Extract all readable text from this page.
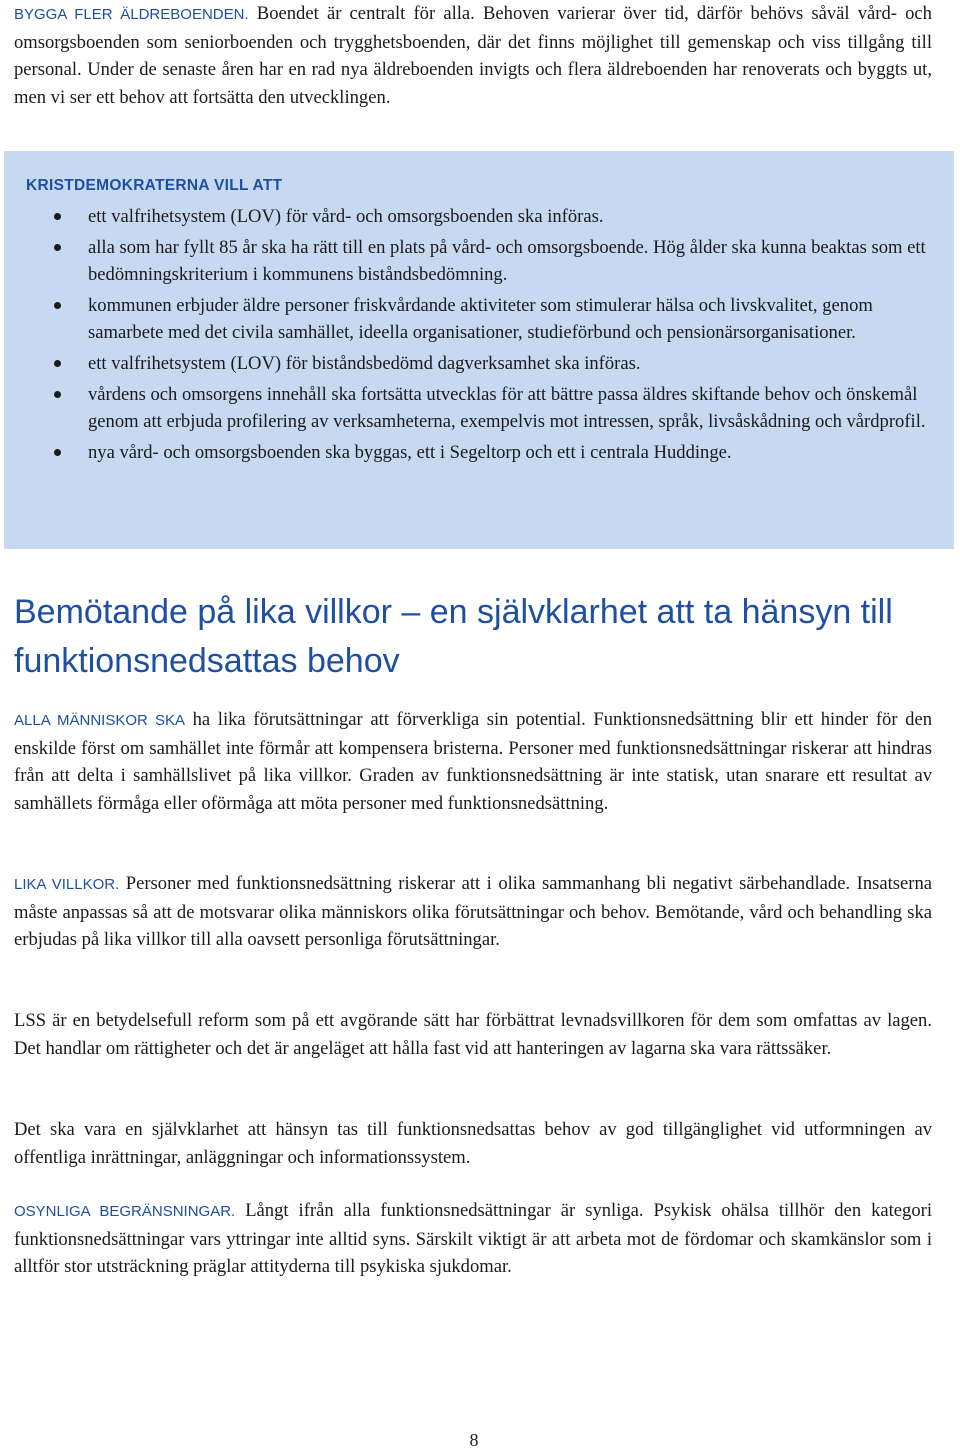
BYGGA FLER ÄLDREBOENDEN. Boendet är centralt för alla. Behoven varierar över tid, därför behövs såväl vård- och omsorgsboenden som seniorboenden och trygghetsboenden, där det finns möjlighet till gemenskap och viss tillgång till personal. Under de senaste åren har en rad nya äldreboenden invigts och flera äldreboenden har renoverats och byggts ut, men vi ser ett behov att fortsätta den utvecklingen.

KRISTDEMOKRATERNA VILL ATT
ett valfrihetsystem (LOV) för vård- och omsorgsboenden ska införas.
alla som har fyllt 85 år ska ha rätt till en plats på vård- och omsorgsboende. Hög ålder ska kunna beaktas som ett bedömningskriterium i kommunens biståndsbedömning.
kommunen erbjuder äldre personer friskvårdande aktiviteter som stimulerar hälsa och livskvalitet, genom samarbete med det civila samhället, ideella organisationer, studieförbund och pensionärsorganisationer.
ett valfrihetsystem (LOV) för biståndsbedömd dagverksamhet ska införas.
vårdens och omsorgens innehåll ska fortsätta utvecklas för att bättre passa äldres skiftande behov och önskemål genom att erbjuda profilering av verksamheterna, exempelvis mot intressen, språk, livsåskådning och vårdprofil.
nya vård- och omsorgsboenden ska byggas, ett i Segeltorp och ett i centrala Huddinge.
Bemötande på lika villkor – en självklarhet att ta hänsyn till funktionsnedsattas behov

ALLA MÄNNISKOR SKA ha lika förutsättningar att förverkliga sin potential. Funktionsnedsättning blir ett hinder för den enskilde först om samhället inte förmår att kompensera bristerna. Personer med funktionsnedsättningar riskerar att hindras från att delta i samhällslivet på lika villkor. Graden av funktionsnedsättning är inte statisk, utan snarare ett resultat av samhällets förmåga eller oförmåga att möta personer med funktionsnedsättning.

LIKA VILLKOR. Personer med funktionsnedsättning riskerar att i olika sammanhang bli negativt särbehandlade. Insatserna måste anpassas så att de motsvarar olika människors olika förutsättningar och behov. Bemötande, vård och behandling ska erbjudas på lika villkor till alla oavsett personliga förutsättningar.

LSS är en betydelsefull reform som på ett avgörande sätt har förbättrat levnadsvillkoren för dem som omfattas av lagen. Det handlar om rättigheter och det är angeläget att hålla fast vid att hanteringen av lagarna ska vara rättssäker.

Det ska vara en självklarhet att hänsyn tas till funktionsnedsattas behov av god tillgänglighet vid utformningen av offentliga inrättningar, anläggningar och informationssystem.

OSYNLIGA BEGRÄNSNINGAR. Långt ifrån alla funktionsnedsättningar är synliga. Psykisk ohälsa tillhör den kategori funktionsnedsättningar vars yttringar inte alltid syns. Särskilt viktigt är att arbeta mot de fördomar och skamkänslor som i alltför stor utsträckning präglar attityderna till psykiska sjukdomar.

8
